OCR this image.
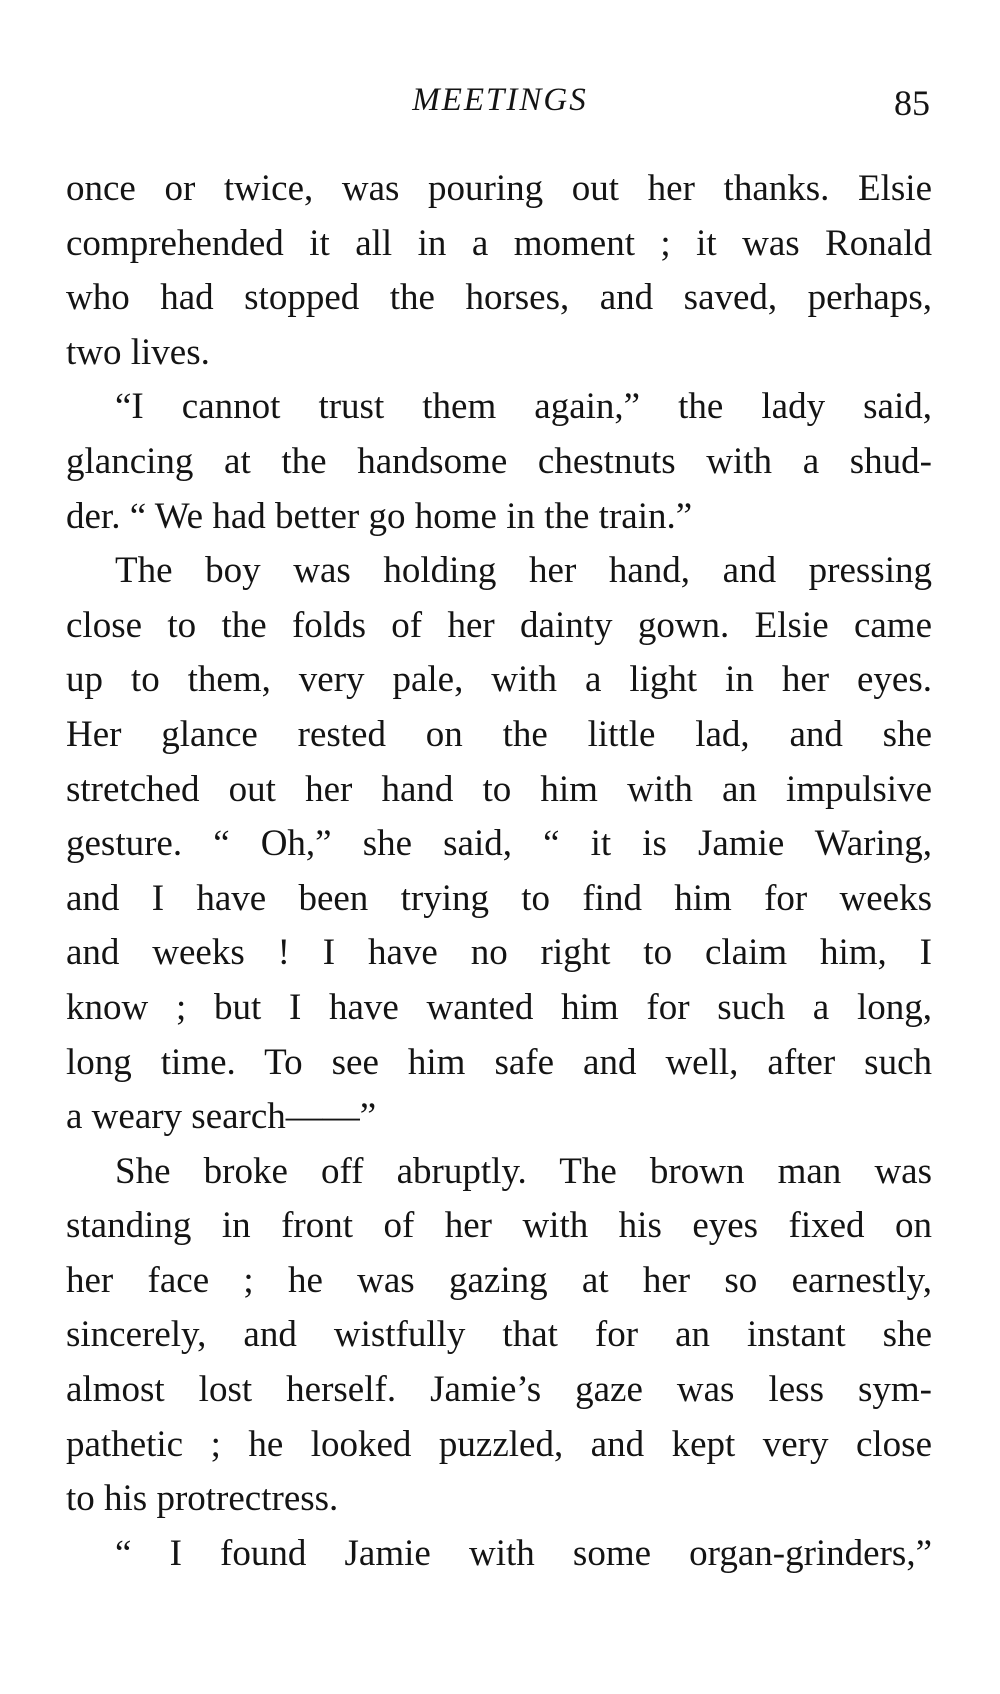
MEETINGS	85
once or twice, was pouring out her thanks. Elsie
comprehended it all in a moment ; it was Ronald
who had stopped the horses, and saved, perhaps,
two lives.
“I cannot trust them again,” the lady said,
glancing at the handsome chestnuts with a shud-
der. “ We had better go home in the train.”
The boy was holding her hand, and pressing
close to the folds of her dainty gown. Elsie came
up to them, very pale, with a light in her eyes.
Her glance rested on the little lad, and she
stretched out her hand to him with an impulsive
gesture. “ Oh,” she said, “ it is Jamie Waring,
and I have been trying to find him for weeks
and weeks ! I have no right to claim him, I
know ; but I have wanted him for such a long,
long time. To see him safe and well, after such
a weary search——”
She broke off abruptly. The brown man was
standing in front of her with his eyes fixed on
her face ; he was gazing at her so earnestly,
sincerely, and wistfully that for an instant she
almost lost herself. Jamie’s gaze was less sym-
pathetic ; he looked puzzled, and kept very close
to his protrectress.
“ I found Jamie with some organ-grinders,”
